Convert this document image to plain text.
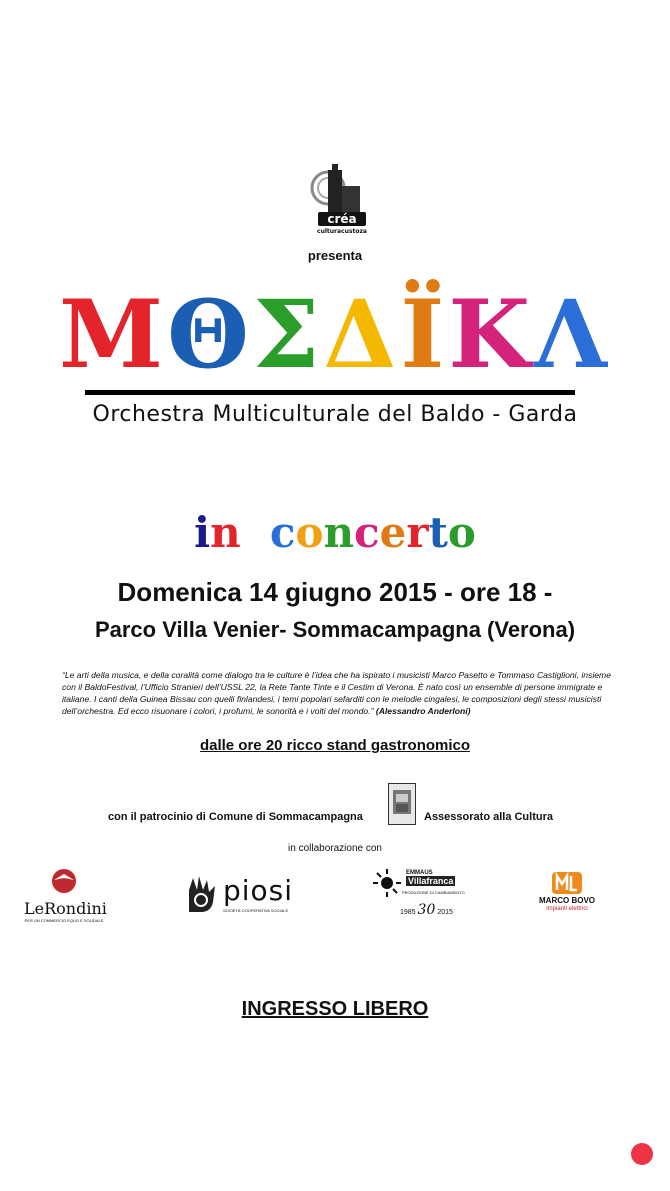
créa
culturacustoza
presenta
ΜΘΣΔΪΚΛ
Orchestra Multiculturale del Baldo - Garda
in concerto
Domenica 14 giugno 2015 - ore 18 -
Parco Villa Venier- Sommacampagna (Verona)
“Le arti della musica, e della coralità come dialogo tra le culture è l’idea che ha ispirato i musicisti Marco Pasetto e Tommaso Castiglioni, insieme con il BaldoFestival, l’Ufficio Stranieri dell’USSL 22, la Rete Tante Tinte e il Cestim di Verona. È nato così un ensemble di persone immigrate e italiane. I canti della Guinea Bissau con quelli finlandesi, i temi popolari sefarditi con le melodie cingalesi, le composizioni degli stessi musicisti dell’orchestra. Ed ecco risuonare i colori, i profumi, le sonorità e i volti del mondo.” (Alessandro Anderloni)
dalle ore 20 ricco stand gastronomico
con il patrocinio di Comune di Sommacampagna	Assessorato alla Cultura
in collaborazione con
LeRondini
PER UN COMMERCIO EQUO E SOLIDALE
piosi
SOCIETÀ COOPERATIVA SOCIALE
EMMAUS
Villafranca
PRODUZIONE DI CAMBIAMENTO
1985 30 2015
MARCO BOVO
impianti elettrici
INGRESSO LIBERO
